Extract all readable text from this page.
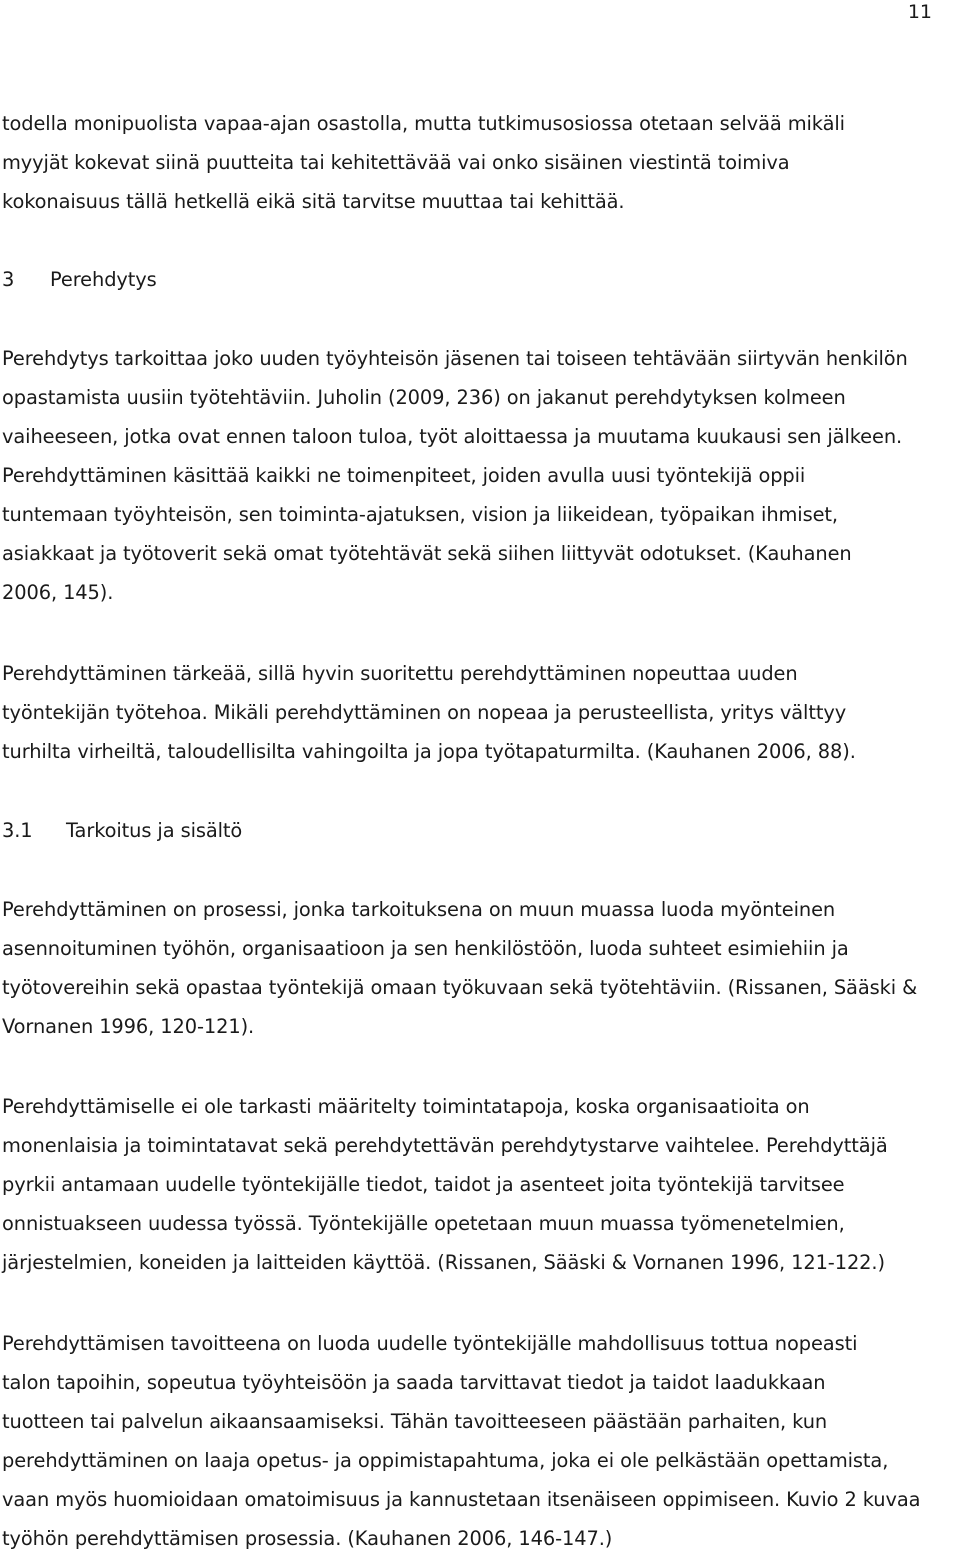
11
todella monipuolista vapaa-ajan osastolla, mutta tutkimusosiossa otetaan selvää mikäli
myyjät kokevat siinä puutteita tai kehitettävää vai onko sisäinen viestintä toimiva
kokonaisuus tällä hetkellä eikä sitä tarvitse muuttaa tai kehittää.
3 Perehdytys
Perehdytys tarkoittaa joko uuden työyhteisön jäsenen tai toiseen tehtävään siirtyvän henkilön
opastamista uusiin työtehtäviin. Juholin (2009, 236) on jakanut perehdytyksen kolmeen
vaiheeseen, jotka ovat ennen taloon tuloa, työt aloittaessa ja muutama kuukausi sen jälkeen.
Perehdyttäminen käsittää kaikki ne toimenpiteet, joiden avulla uusi työntekijä oppii
tuntemaan työyhteisön, sen toiminta-ajatuksen, vision ja liikeidean, työpaikan ihmiset,
asiakkaat ja työtoverit sekä omat työtehtävät sekä siihen liittyvät odotukset. (Kauhanen
2006, 145).
Perehdyttäminen tärkeää, sillä hyvin suoritettu perehdyttäminen nopeuttaa uuden
työntekijän työtehoa. Mikäli perehdyttäminen on nopeaa ja perusteellista, yritys välttyy
turhilta virheiltä, taloudellisilta vahingoilta ja jopa työtapaturmilta. (Kauhanen 2006, 88).
3.1 Tarkoitus ja sisältö
Perehdyttäminen on prosessi, jonka tarkoituksena on muun muassa luoda myönteinen
asennoituminen työhön, organisaatioon ja sen henkilöstöön, luoda suhteet esimiehiin ja
työtovereihin sekä opastaa työntekijä omaan työkuvaan sekä työtehtäviin. (Rissanen, Sääski &
Vornanen 1996, 120-121).
Perehdyttämiselle ei ole tarkasti määritelty toimintatapoja, koska organisaatioita on
monenlaisia ja toimintatavat sekä perehdytettävän perehdytystarve vaihtelee. Perehdyttäjä
pyrkii antamaan uudelle työntekijälle tiedot, taidot ja asenteet joita työntekijä tarvitsee
onnistuakseen uudessa työssä. Työntekijälle opetetaan muun muassa työmenetelmien,
järjestelmien, koneiden ja laitteiden käyttöä. (Rissanen, Sääski & Vornanen 1996, 121-122.)
Perehdyttämisen tavoitteena on luoda uudelle työntekijälle mahdollisuus tottua nopeasti
talon tapoihin, sopeutua työyhteisöön ja saada tarvittavat tiedot ja taidot laadukkaan
tuotteen tai palvelun aikaansaamiseksi. Tähän tavoitteeseen päästään parhaiten, kun
perehdyttäminen on laaja opetus- ja oppimistapahtuma, joka ei ole pelkästään opettamista,
vaan myös huomioidaan omatoimisuus ja kannustetaan itsenäiseen oppimiseen. Kuvio 2 kuvaa
työhön perehdyttämisen prosessia. (Kauhanen 2006, 146-147.)
